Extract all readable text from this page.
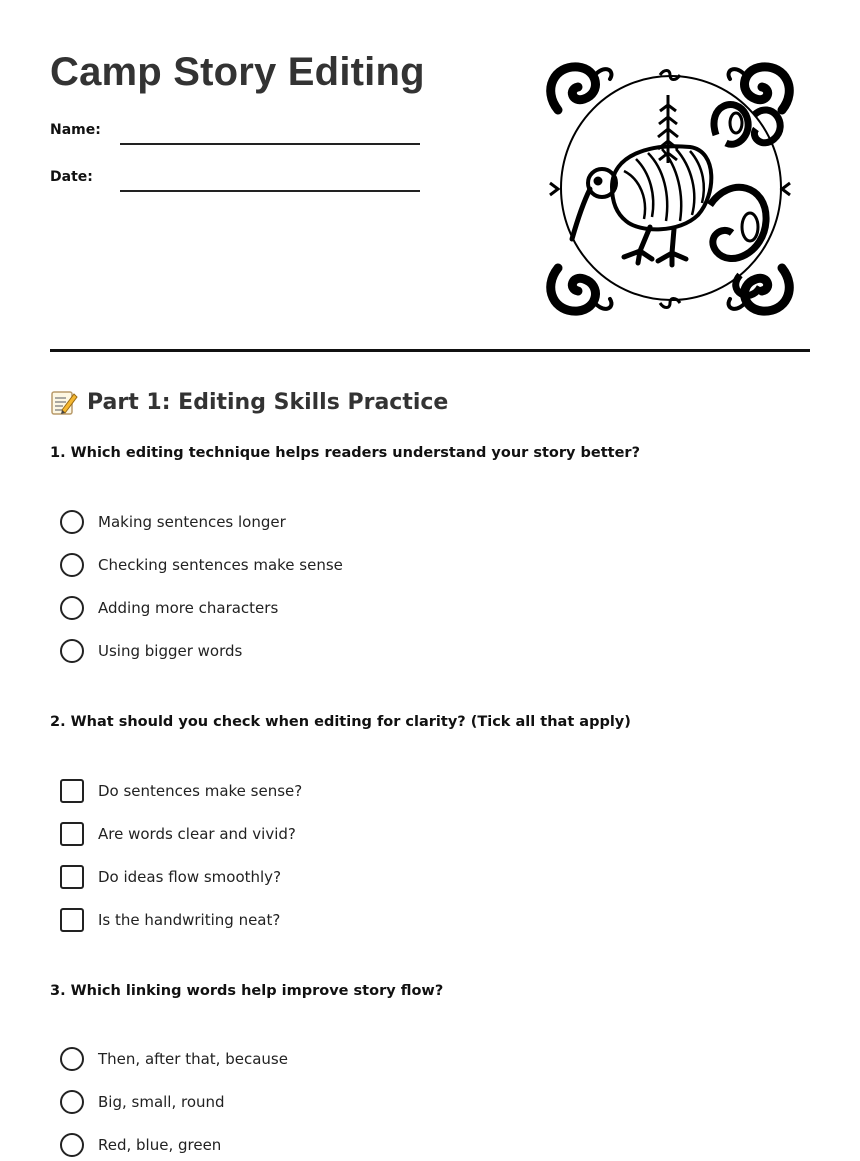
Camp Story Editing
Name:
Date:
Part 1: Editing Skills Practice

1. Which editing technique helps readers understand your story better?

Making sentences longer
Checking sentences make sense
Adding more characters
Using bigger words

2. What should you check when editing for clarity? (Tick all that apply)

Do sentences make sense?
Are words clear and vivid?
Do ideas flow smoothly?
Is the handwriting neat?

3. Which linking words help improve story flow?

Then, after that, because
Big, small, round
Red, blue, green
